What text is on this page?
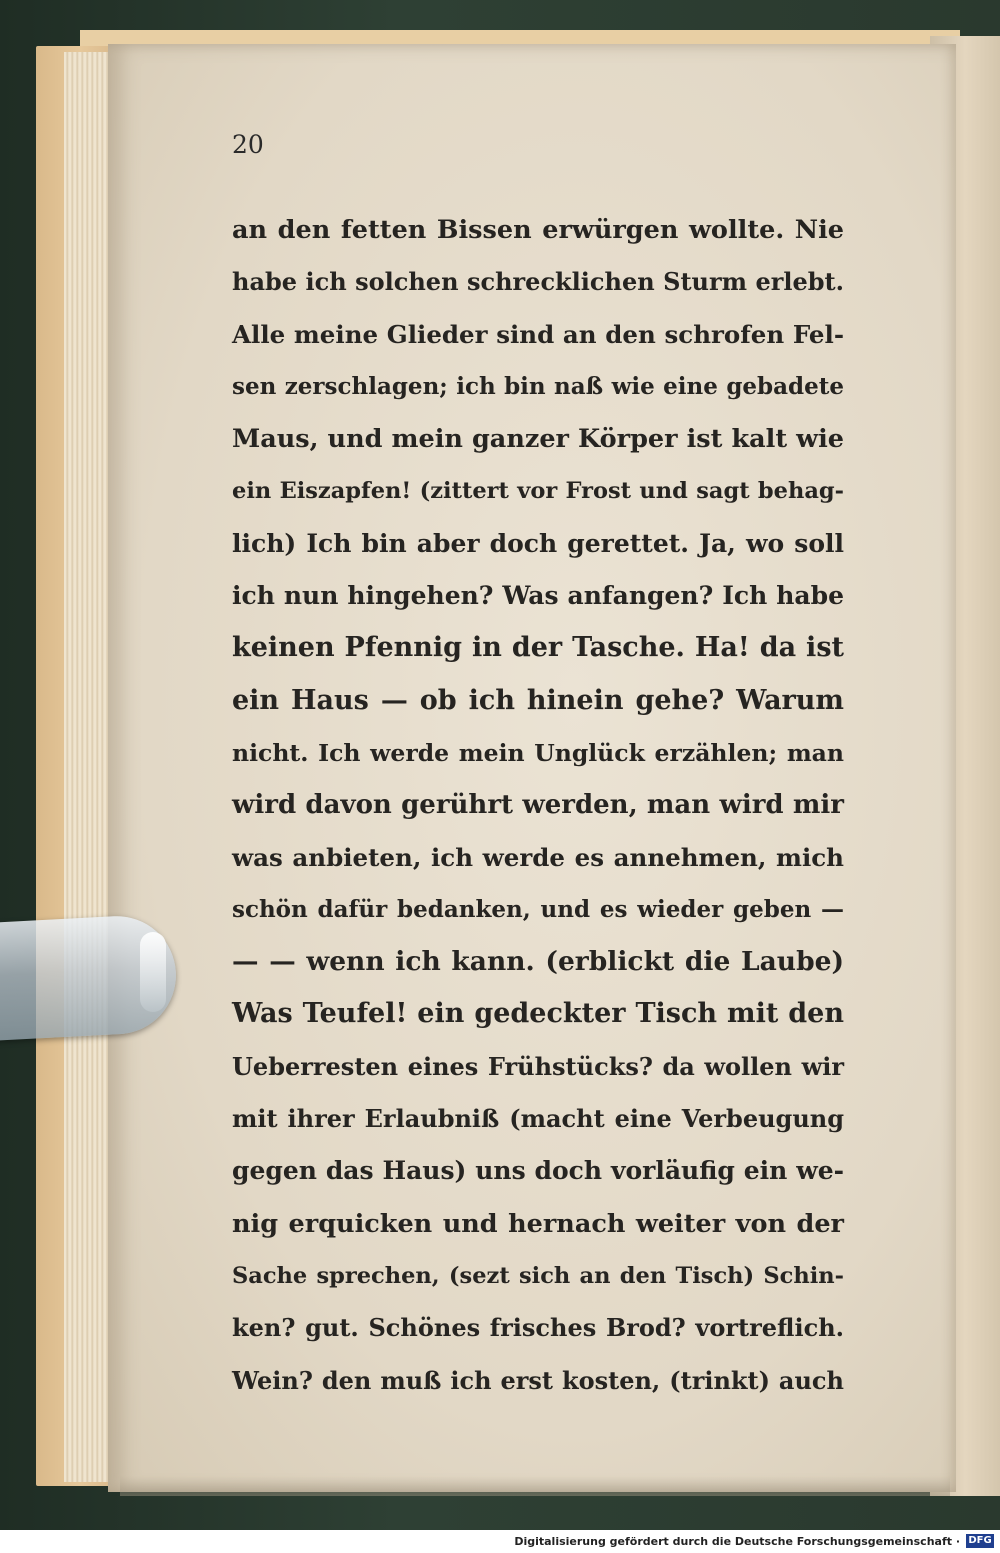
20
an den fetten Bissen erwürgen wollte. Nie
habe ich solchen schrecklichen Sturm erlebt.
Alle meine Glieder sind an den schrofen Fel-
sen zerschlagen; ich bin naß wie eine gebadete
Maus, und mein ganzer Körper ist kalt wie
ein Eiszapfen! (zittert vor Frost und sagt behag-
lich) Ich bin aber doch gerettet. Ja, wo soll
ich nun hingehen? Was anfangen? Ich habe
keinen Pfennig in der Tasche. Ha! da ist
ein Haus — ob ich hinein gehe? Warum
nicht. Ich werde mein Unglück erzählen; man
wird davon gerührt werden, man wird mir
was anbieten, ich werde es annehmen, mich
schön dafür bedanken, und es wieder geben —
— — wenn ich kann. (erblickt die Laube)
Was Teufel! ein gedeckter Tisch mit den
Ueberresten eines Frühstücks? da wollen wir
mit ihrer Erlaubniß (macht eine Verbeugung
gegen das Haus) uns doch vorläufig ein we-
nig erquicken und hernach weiter von der
Sache sprechen, (sezt sich an den Tisch) Schin-
ken? gut. Schönes frisches Brod? vortreflich.
Wein? den muß ich erst kosten, (trinkt) auch
Digitalisierung gefördert durch die Deutsche Forschungsgemeinschaft · DFG
